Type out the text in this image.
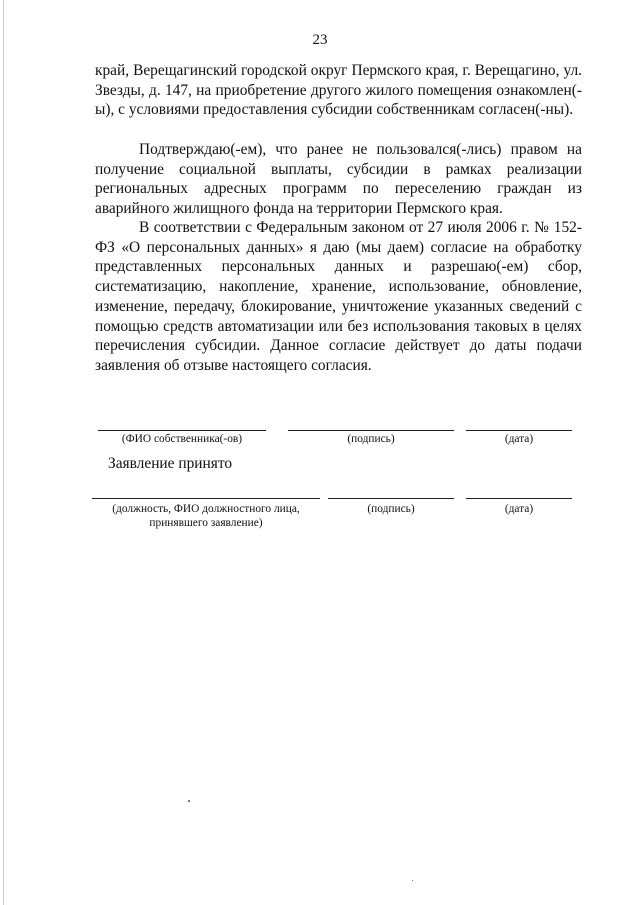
23

край, Верещагинский городской округ Пермского края, г. Верещагино, ул. Звезды, д. 147, на приобретение другого жилого помещения ознакомлен(-ы), с условиями предоставления субсидии собственникам согласен(-ны).

Подтверждаю(-ем), что ранее не пользовался(-лись) правом на получение социальной выплаты, субсидии в рамках реализации региональных адресных программ по переселению граждан из аварийного жилищного фонда на территории Пермского края.

В соответствии с Федеральным законом от 27 июля 2006 г. № 152-ФЗ «О персональных данных» я даю (мы даем) согласие на обработку представленных персональных данных и разрешаю(-ем) сбор, систематизацию, накопление, хранение, использование, обновление, изменение, передачу, блокирование, уничтожение указанных сведений с помощью средств автоматизации или без использования таковых в целях перечисления субсидии. Данное согласие действует до даты подачи заявления об отзыве настоящего согласия.

(ФИО собственника(-ов)	(подпись)	(дата)
Заявление принято
(должность, ФИО должностного лица, принявшего заявление)
(подпись)	(дата)
